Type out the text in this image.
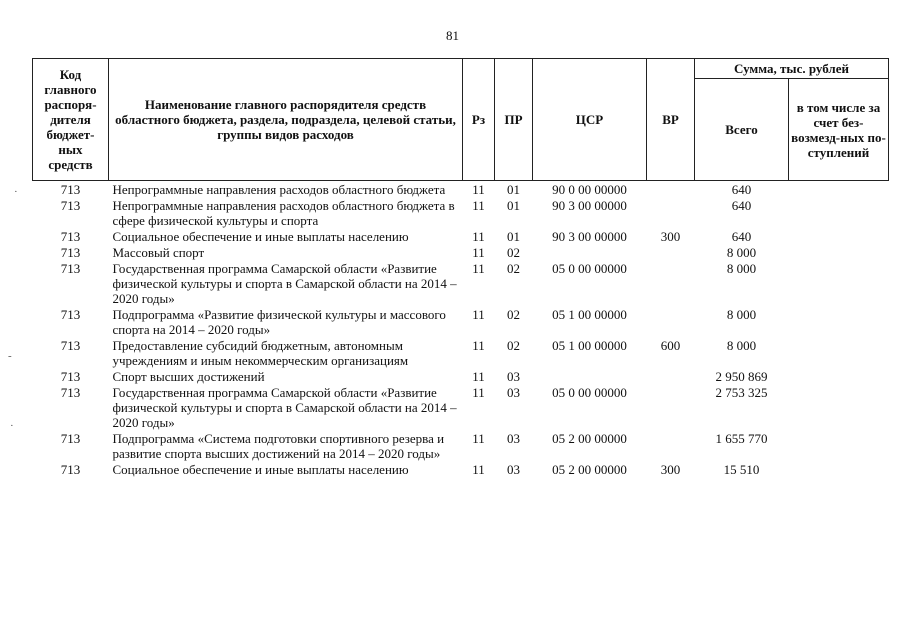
81
·
-
·
Код главного распоря-дителя бюджет-ных средств	Наименование главного распорядителя средств областного бюджета, раздела, подраздела, целевой статьи, группы видов расходов	Рз	ПР	ЦСР	ВР	Сумма, тыс. рублей	
						Всего	в том числе за счет без-возмезд-ных по-ступлений
713	Непрограммные направления расходов областного бюджета	11	01	90 0 00 00000		640	
713	Непрограммные направления расходов областного бюджета в сфере физической культуры и спорта	11	01	90 3 00 00000		640	
713	Социальное обеспечение и иные выплаты населению	11	01	90 3 00 00000	300	640	
713	Массовый спорт	11	02			8 000	
713	Государственная программа Самарской области «Развитие физической культуры и спорта в Самарской области на 2014 – 2020 годы»	11	02	05 0 00 00000		8 000	
713	Подпрограмма «Развитие физической культуры и массового спорта на 2014 – 2020 годы»	11	02	05 1 00 00000		8 000	
713	Предоставление субсидий бюджетным, автономным учреждениям и иным некоммерческим организациям	11	02	05 1 00 00000	600	8 000	
713	Спорт высших достижений	11	03			2 950 869	
713	Государственная программа Самарской области «Развитие физической культуры и спорта в Самарской области на 2014 – 2020 годы»	11	03	05 0 00 00000		2 753 325	
713	Подпрограмма «Система подготовки спортивного резерва и развитие спорта высших достижений на 2014 – 2020 годы»	11	03	05 2 00 00000		1 655 770	
713	Социальное обеспечение и иные выплаты населению	11	03	05 2 00 00000	300	15 510	
